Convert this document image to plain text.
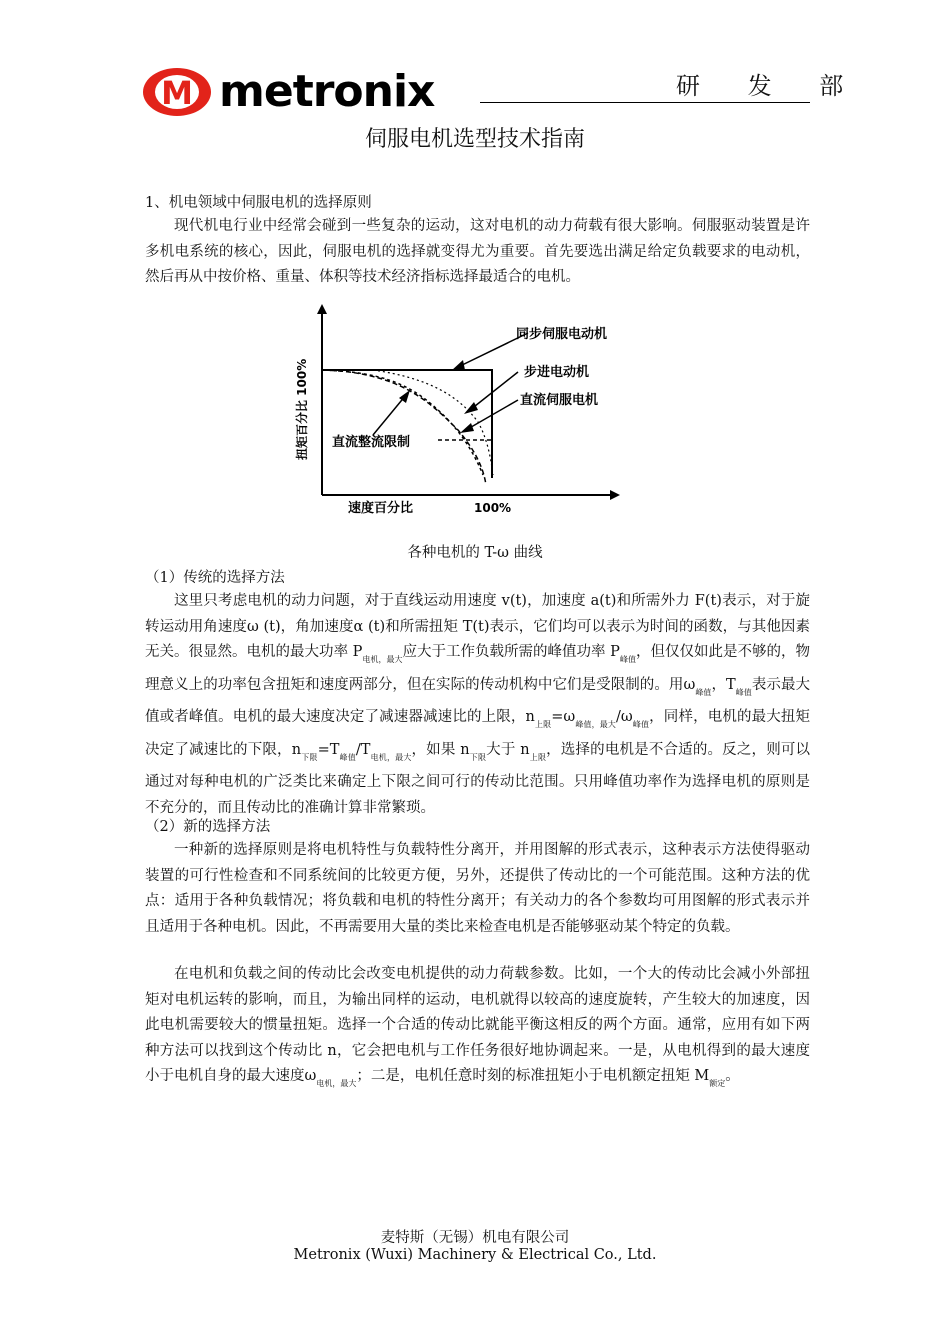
M metronix	研 发 部
伺服电机选型技术指南
1、机电领域中伺服电机的选择原则
现代机电行业中经常会碰到一些复杂的运动，这对电机的动力荷载有很大影响。伺服驱动装置是许多机电系统的核心，因此，伺服电机的选择就变得尤为重要。首先要选出满足给定负载要求的电动机，然后再从中按价格、重量、体积等技术经济指标选择最适合的电机。
同步伺服电动机
步进电动机
直流伺服电机
直流整流限制
扭矩百分比 100%
速度百分比	100%
各种电机的 T-ω 曲线
（1）传统的选择方法
这里只考虑电机的动力问题，对于直线运动用速度 v(t)，加速度 a(t)和所需外力 F(t)表示，对于旋转运动用角速度ω (t)，角加速度α (t)和所需扭矩 T(t)表示，它们均可以表示为时间的函数，与其他因素无关。很显然。电机的最大功率 $P_{电机,最大}$应大于工作负载所需的峰值功率 $P_{峰值}$，但仅仅如此是不够的，物理意义上的功率包含扭矩和速度两部分，但在实际的传动机构中它们是受限制的。用$\omega_{峰值}$，$T_{峰值}$表示最大值或者峰值。电机的最大速度决定了减速器减速比的上限，$n_{上限}=\omega_{峰值,最大}/\omega_{峰值}$，同样，电机的最大扭矩决定了减速比的下限，$n_{下限}=T_{峰值}/T_{电机,最大}$，如果 $n_{下限}$大于 $n_{上限}$，选择的电机是不合适的。反之，则可以通过对每种电机的广泛类比来确定上下限之间可行的传动比范围。只用峰值功率作为选择电机的原则是不充分的，而且传动比的准确计算非常繁琐。
（2）新的选择方法
一种新的选择原则是将电机特性与负载特性分离开，并用图解的形式表示，这种表示方法使得驱动装置的可行性检查和不同系统间的比较更方便，另外，还提供了传动比的一个可能范围。这种方法的优点：适用于各种负载情况；将负载和电机的特性分离开；有关动力的各个参数均可用图解的形式表示并且适用于各种电机。因此，不再需要用大量的类比来检查电机是否能够驱动某个特定的负载。
在电机和负载之间的传动比会改变电机提供的动力荷载参数。比如，一个大的传动比会减小外部扭矩对电机运转的影响，而且，为输出同样的运动，电机就得以较高的速度旋转，产生较大的加速度，因此电机需要较大的惯量扭矩。选择一个合适的传动比就能平衡这相反的两个方面。通常，应用有如下两种方法可以找到这个传动比 n，它会把电机与工作任务很好地协调起来。一是，从电机得到的最大速度小于电机自身的最大速度$\omega_{电机,最大}$；二是，电机任意时刻的标准扭矩小于电机额定扭矩 $M_{额定}$。
麦特斯（无锡）机电有限公司
Metronix (Wuxi) Machinery & Electrical Co., Ltd.
